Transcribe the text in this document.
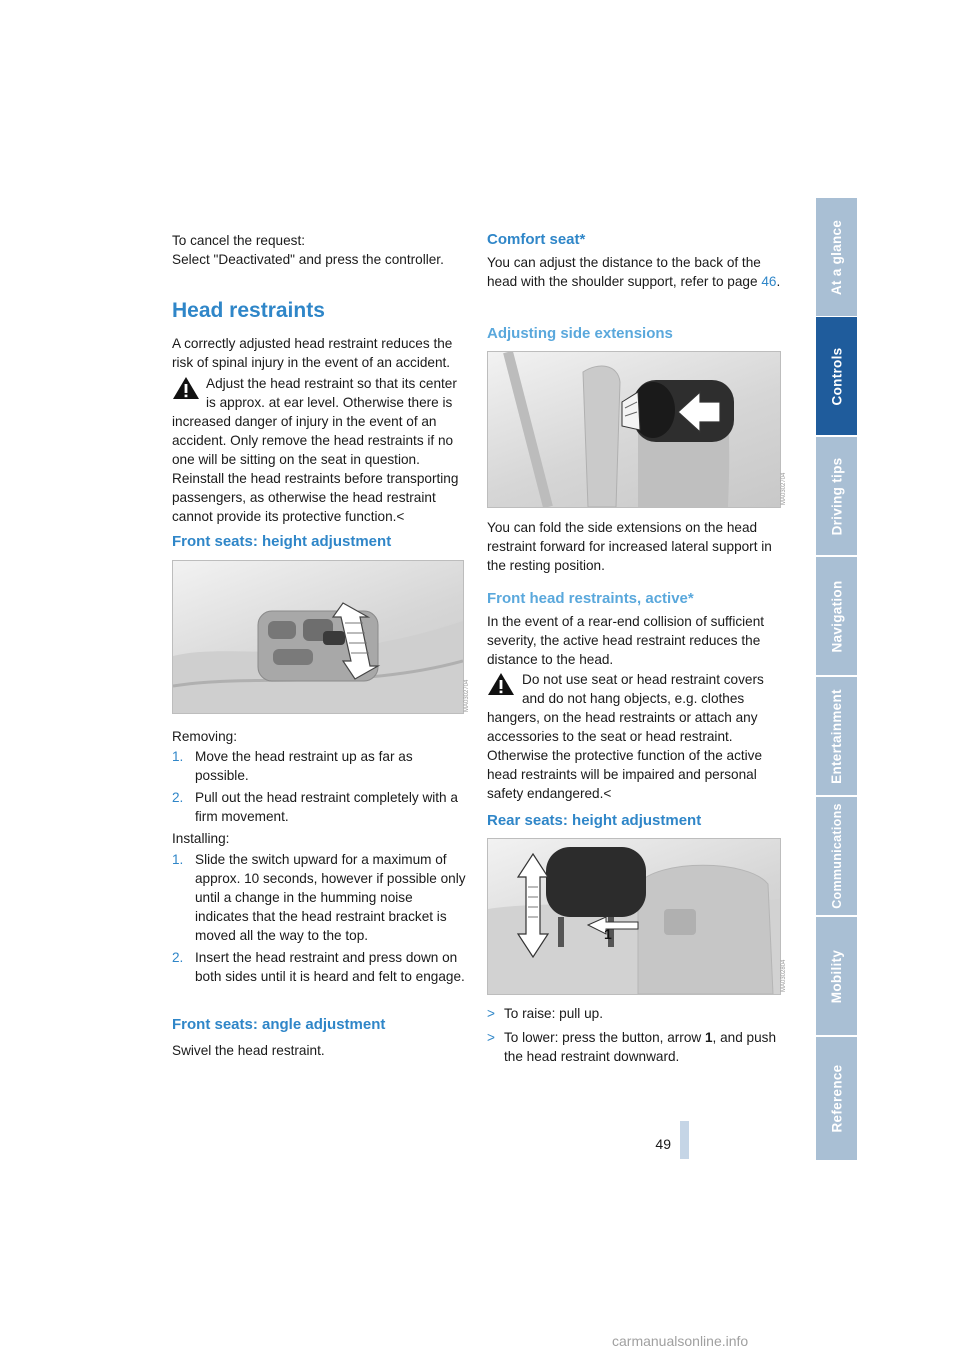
To cancel the request:

Select "Deactivated" and press the controller.

Head restraints

A correctly adjusted head restraint reduces the risk of spinal injury in the event of an accident.

Adjust the head restraint so that its center

is approx. at ear level. Otherwise there is

increased danger of injury in the event of an accident. Only remove the head restraints if no one will be sitting on the seat in question. Reinstall the head restraints before transporting passengers, as otherwise the head restraint cannot provide its protective function.<

Front seats: height adjustment
MA0302704

Removing:

1. Move the head restraint up as far as possible.
2. Pull out the head restraint completely with a firm movement.

Installing:

1. Slide the switch upward for a maximum of approx. 10 seconds, however if possible only until a change in the humming noise indicates that the head restraint bracket is moved all the way to the top.
2. Insert the head restraint and press down on both sides until it is heard and felt to engage.
Front seats: angle adjustment

Swivel the head restraint.

Comfort seat*

You can adjust the distance to the back of the head with the shoulder support, refer to page 46.

Adjusting side extensions
MA0302704

You can fold the side extensions on the head restraint forward for increased lateral support in the resting position.

Front head restraints, active*

In the event of a rear-end collision of sufficient severity, the active head restraint reduces the distance to the head.

Do not use seat or head restraint covers

and do not hang objects, e.g. clothes

hangers, on the head restraints or attach any accessories to the seat or head restraint. Otherwise the protective function of the active head restraints will be impaired and personal safety endangered.<

Rear seats: height adjustment
1
MA0302804
> To raise: pull up.
> To lower: press the button, arrow 1, and push the head restraint downward.
At a glance
Controls
Driving tips
Navigation
Entertainment
Communications
Mobility
Reference
49
carmanualsonline.info
